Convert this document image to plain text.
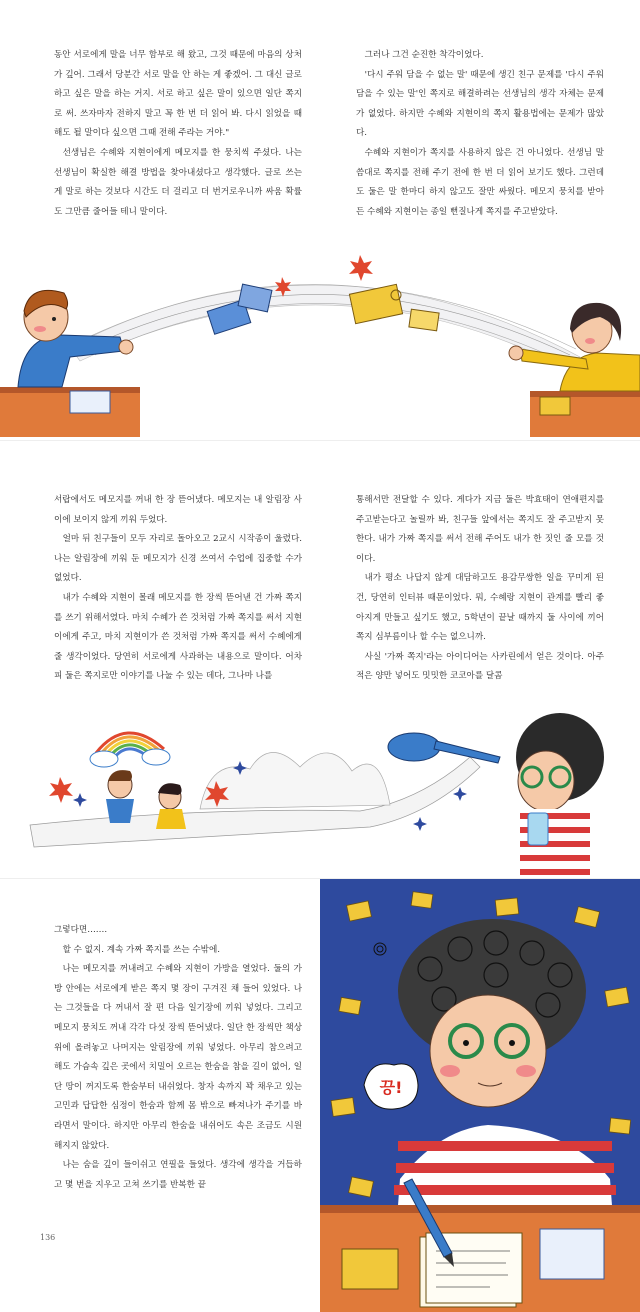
동안 서로에게 말을 너무 함부로 해 왔고, 그것 때문에 마음의 상처가 깊어. 그래서 당분간 서로 말을 안 하는 게 좋겠어. 그 대신 글로 하고 싶은 말을 하는 거지. 서로 하고 싶은 말이 있으면 일단 쪽지로 써. 쓰자마자 전하지 말고 꼭 한 번 더 읽어 봐. 다시 읽었을 때 해도 될 말이다 싶으면 그때 전해 주라는 거야."

선생님은 수혜와 지현이에게 메모지를 한 뭉치씩 주셨다. 나는 선생님이 확실한 해결 방법을 찾아내셨다고 생각했다. 글로 쓰는 게 말로 하는 것보다 시간도 더 걸리고 더 번거로우니까 싸움 확률도 그만큼 줄어들 테니 말이다.

그러나 그건 순진한 착각이었다.

'다시 주워 담을 수 없는 말' 때문에 생긴 친구 문제를 '다시 주워 담을 수 있는 말'인 쪽지로 해결하려는 선생님의 생각 자체는 문제가 없었다. 하지만 수혜와 지현이의 쪽지 활용법에는 문제가 많았다.

수혜와 지현이가 쪽지를 사용하지 않은 건 아니었다. 선생님 말씀대로 쪽지를 전해 주기 전에 한 번 더 읽어 보기도 했다. 그런데도 둘은 말 한마디 하지 않고도 잘만 싸웠다. 메모지 뭉치를 받아 든 수혜와 지현이는 종일 뻔질나게 쪽지를 주고받았다.

서랍에서도 메모지를 꺼내 한 장 뜯어냈다. 메모지는 내 알림장 사이에 보이지 않게 끼워 두었다.

얼마 뒤 친구들이 모두 자리로 돌아오고 2교시 시작종이 울렸다. 나는 알림장에 끼워 둔 메모지가 신경 쓰여서 수업에 집중할 수가 없었다.

내가 수혜와 지현이 몰래 메모지를 한 장씩 뜯어낸 건 가짜 쪽지를 쓰기 위해서였다. 마치 수혜가 쓴 것처럼 가짜 쪽지를 써서 지현이에게 주고, 마치 지현이가 쓴 것처럼 가짜 쪽지를 써서 수혜에게 줄 생각이었다. 당연히 서로에게 사과하는 내용으로 말이다. 어차피 둘은 쪽지로만 이야기를 나눌 수 있는 데다, 그나마 나를

통해서만 전달할 수 있다. 게다가 지금 둘은 박효태이 연애편지를 주고받는다고 놀릴까 봐, 친구들 앞에서는 쪽지도 잘 주고받지 못한다. 내가 가짜 쪽지를 써서 전해 주어도 내가 한 짓인 줄 모를 것이다.

내가 평소 나답지 않게 대담하고도 용감무쌍한 일을 꾸미게 된 건, 당연히 인터뷰 때문이었다. 뭐, 수혜랑 지현이 관계를 빨리 좋아지게 만들고 싶기도 했고, 5학년이 끝날 때까지 둘 사이에 끼어 쪽지 심부름이나 할 수는 없으니까.

사실 '가짜 쪽지'라는 아이디어는 사카린에서 얻은 것이다. 아주 적은 양만 넣어도 밋밋한 코코아를 달콤

그렇다면…….

할 수 없지. 계속 가짜 쪽지를 쓰는 수밖에.

나는 메모지를 꺼내려고 수혜와 지현이 가방을 열었다. 둘의 가방 안에는 서로에게 받은 쪽지 몇 장이 구겨진 채 들어 있었다. 나는 그것들을 다 꺼내서 잘 편 다음 일기장에 끼워 넣었다. 그리고 메모지 뭉치도 꺼내 각각 다섯 장씩 뜯어냈다. 일단 한 장씩만 책상 위에 올려놓고 나머지는 알림장에 끼워 넣었다. 아무리 참으려고 해도 가슴속 깊은 곳에서 치밀어 오르는 한숨을 참을 길이 없어, 일단 땅이 꺼지도록 한숨부터 내쉬었다. 창자 속까지 꽉 채우고 있는 고민과 답답한 심정이 한숨과 함께 몸 밖으로 빠져나가 주기를 바라면서 말이다. 하지만 아무리 한숨을 내쉬어도 속은 조금도 시원해지지 않았다.

나는 숨을 깊이 들이쉬고 연필을 들었다. 생각에 생각을 거듭하고 몇 번을 지우고 고쳐 쓰기를 반복한 끝

136
끙!
